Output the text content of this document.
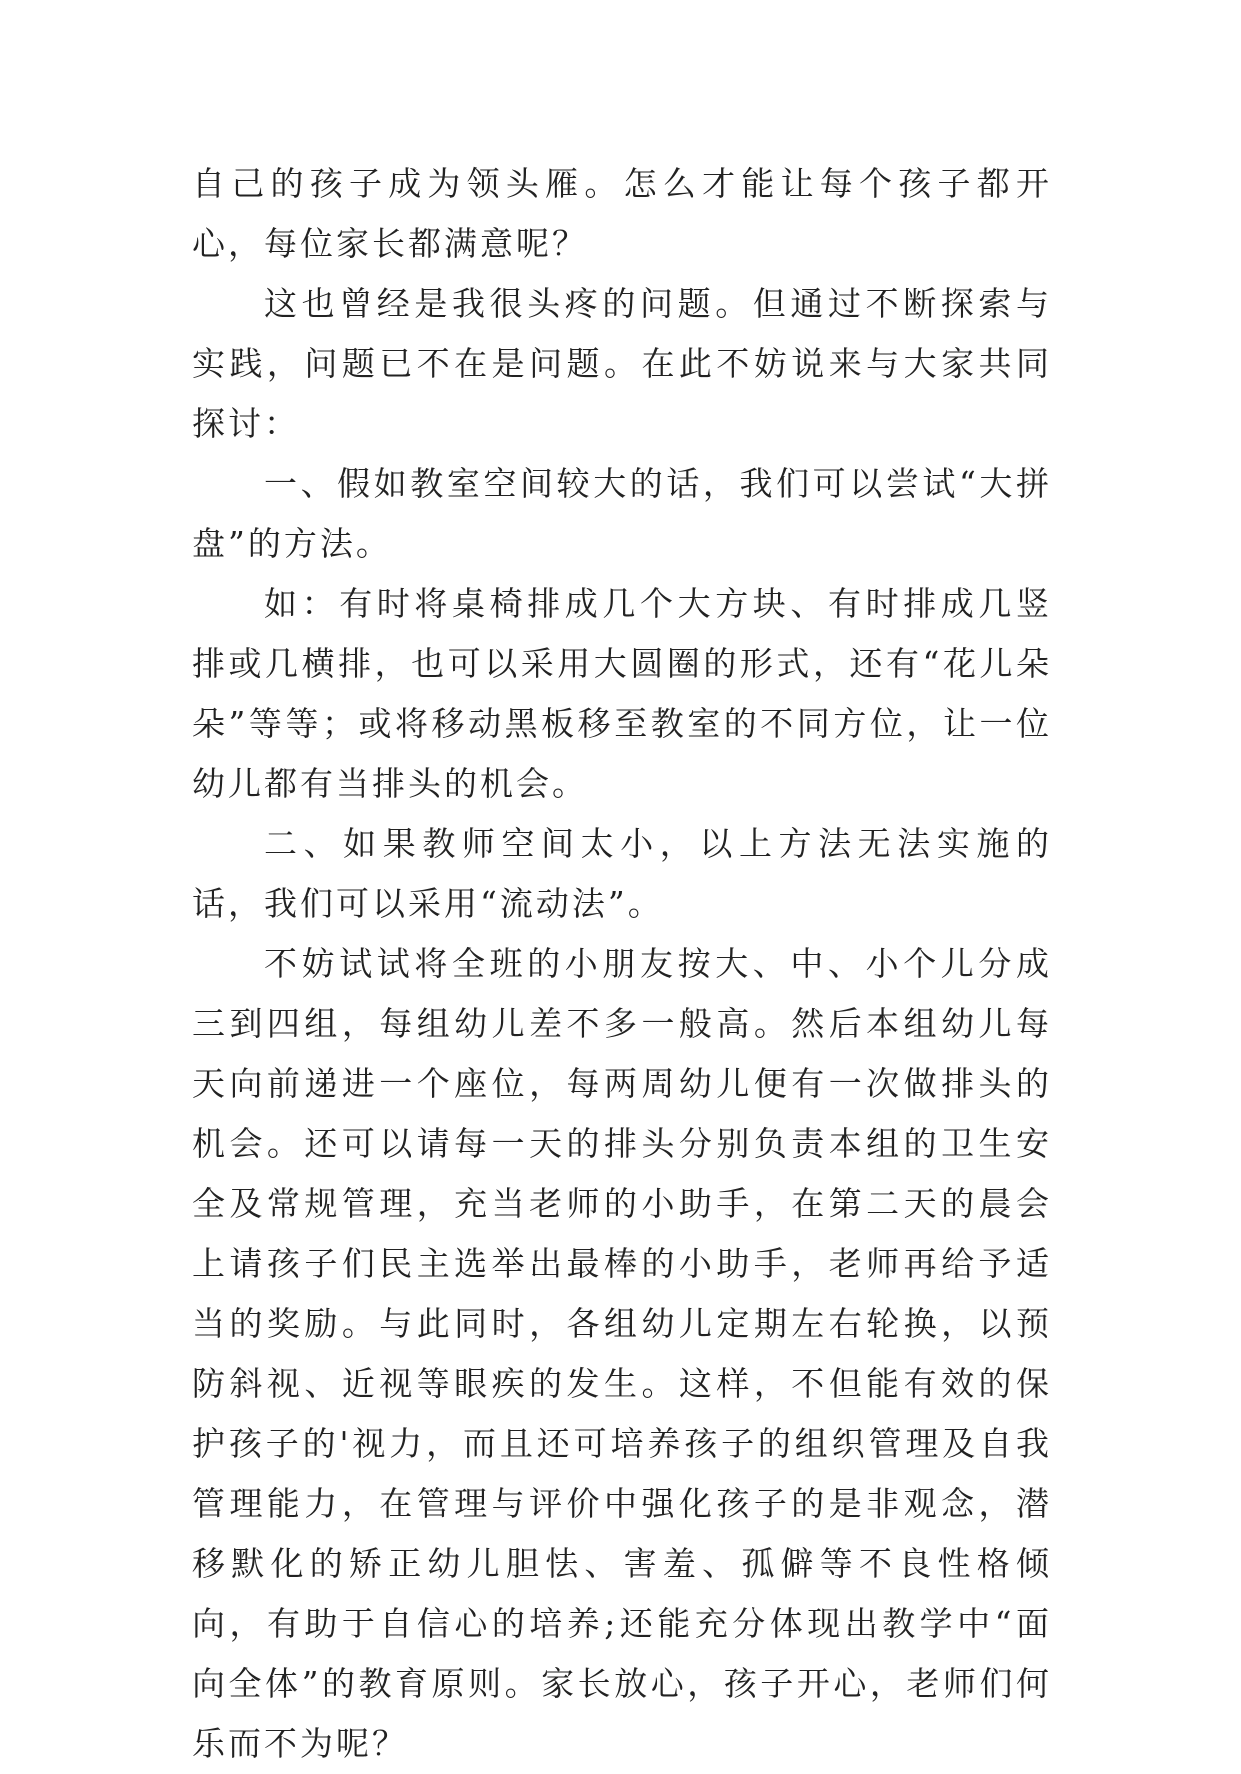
自己的孩子成为领头雁。怎么才能让每个孩子都开心，每位家长都满意呢？

这也曾经是我很头疼的问题。但通过不断探索与实践，问题已不在是问题。在此不妨说来与大家共同探讨：

一、假如教室空间较大的话，我们可以尝试“大拼盘”的方法。

如：有时将桌椅排成几个大方块、有时排成几竖排或几横排，也可以采用大圆圈的形式，还有“花儿朵朵”等等；或将移动黑板移至教室的不同方位，让一位幼儿都有当排头的机会。

二、如果教师空间太小，以上方法无法实施的话，我们可以采用“流动法”。

不妨试试将全班的小朋友按大、中、小个儿分成三到四组，每组幼儿差不多一般高。然后本组幼儿每天向前递进一个座位，每两周幼儿便有一次做排头的机会。还可以请每一天的排头分别负责本组的卫生安全及常规管理，充当老师的小助手，在第二天的晨会上请孩子们民主选举出最棒的小助手，老师再给予适当的奖励。与此同时，各组幼儿定期左右轮换，以预防斜视、近视等眼疾的发生。这样，不但能有效的保护孩子的'视力，而且还可培养孩子的组织管理及自我管理能力，在管理与评价中强化孩子的是非观念，潜移默化的矫正幼儿胆怯、害羞、孤僻等不良性格倾向，有助于自信心的培养;还能充分体现出教学中“面向全体”的教育原则。家长放心，孩子开心，老师们何乐而不为呢？
